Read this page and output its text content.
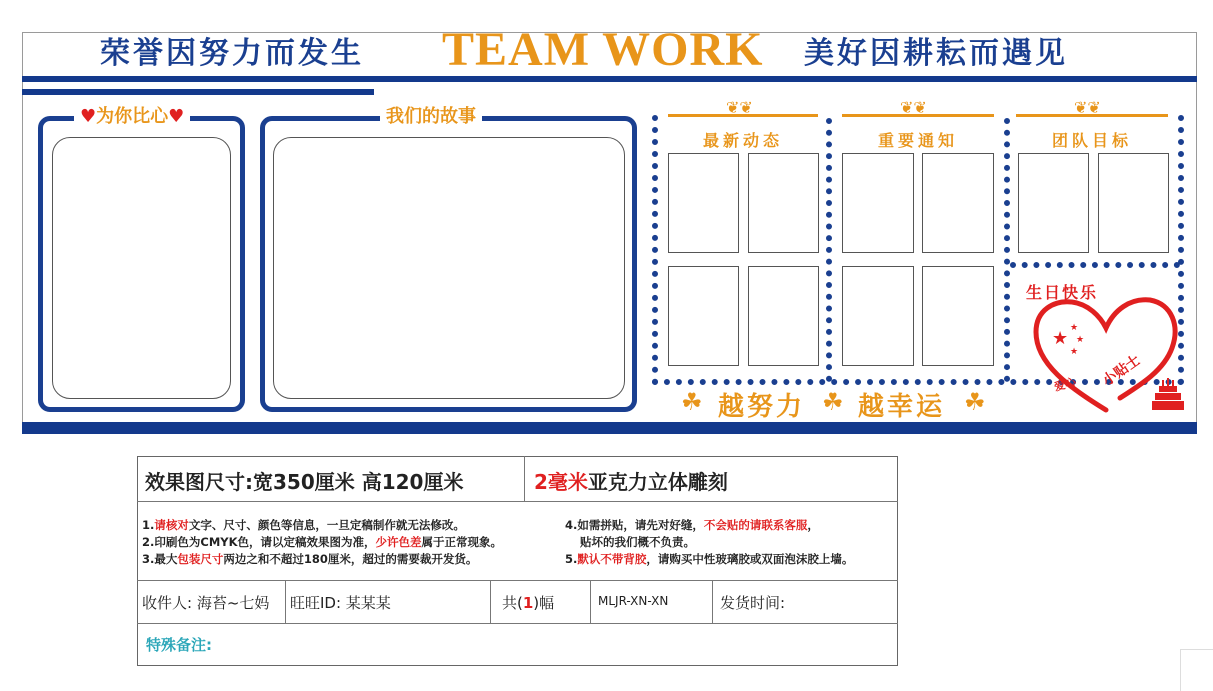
荣誉因努力而发生 TEAM WORK 美好因耕耘而遇见
♥为你比心♥	我们的故事	❦❦
最新动态
❦❦
重要通知
❦❦
团队目标
生日快乐
★ ★
★
★
爱心 小贴士
☘ 越努力 ☘ 越幸运 ☘
效果图尺寸:宽350厘米 高120厘米	2毫米亚克力立体雕刻
1.请核对文字、尺寸、颜色等信息，一旦定稿制作就无法修改。
2.印刷色为CMYK色，请以定稿效果图为准，少许色差属于正常现象。
3.最大包装尺寸两边之和不超过180厘米，超过的需要裁开发货。
4.如需拼贴，请先对好缝，不会贴的请联系客服，
贴坏的我们概不负责。
5.默认不带背胶，请购买中性玻璃胶或双面泡沫胶上墙。
收件人: 海苔~七妈 旺旺ID: 某某某	共(1)幅	MLJR-XN-XN	发货时间:
特殊备注:
